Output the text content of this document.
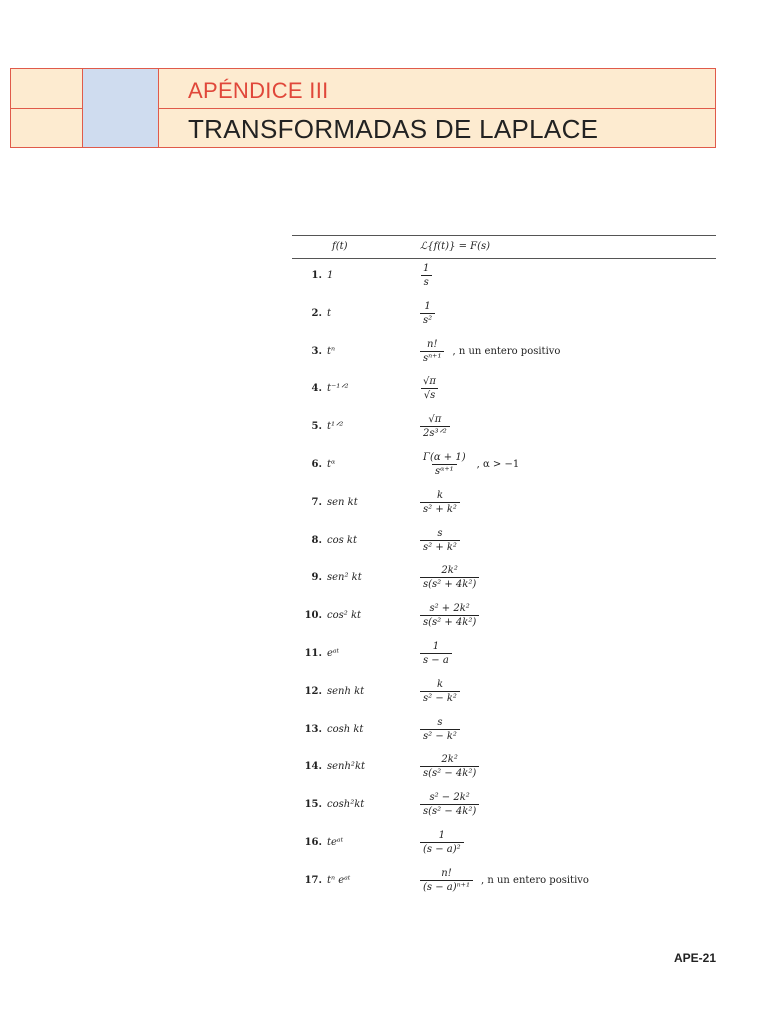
APÉNDICE III
TRANSFORMADAS DE LAPLACE
f(t)	ℒ{f(t)} = F(s)
1. 1	$\frac{1}{s}$
2. t	$\frac{1}{\text{s²}}$
3. tⁿ	$\frac{n!}{\text{sⁿ⁺¹}}$ , n un entero positivo
4. t⁻¹ᐟ²	$\frac{√\pi}{√s}$
5. t¹ᐟ²	$\frac{√\pi}{\text{2s³ᐟ²}}$
6. tᵅ	$\frac{\Gamma(\alpha + 1)}{\text{sᵅ⁺¹}}$ , α > −1
7. sen kt	$\frac{k}{\text{s² + k²}}$
8. cos kt	$\frac{s}{\text{s² + k²}}$
9. sen² kt	$\frac{\text{2k²}}{\text{s(s² + 4k²)}}$
10. cos² kt	$\frac{\text{s² + 2k²}}{\text{s(s² + 4k²)}}$
11. eᵃᵗ	$\frac{1}{s - a}$
12. senh kt	$\frac{k}{\text{s² − k²}}$
13. cosh kt	$\frac{s}{\text{s² − k²}}$
14. senh²kt	$\frac{\text{2k²}}{\text{s(s² − 4k²)}}$
15. cosh²kt	$\frac{\text{s² − 2k²}}{\text{s(s² − 4k²)}}$
16. teᵃᵗ	$\frac{1}{\text{(s − a)²}}$
17. tⁿ eᵃᵗ	$\frac{n!}{\text{(s − a)ⁿ⁺¹}}$ , n un entero positivo
APE-21
